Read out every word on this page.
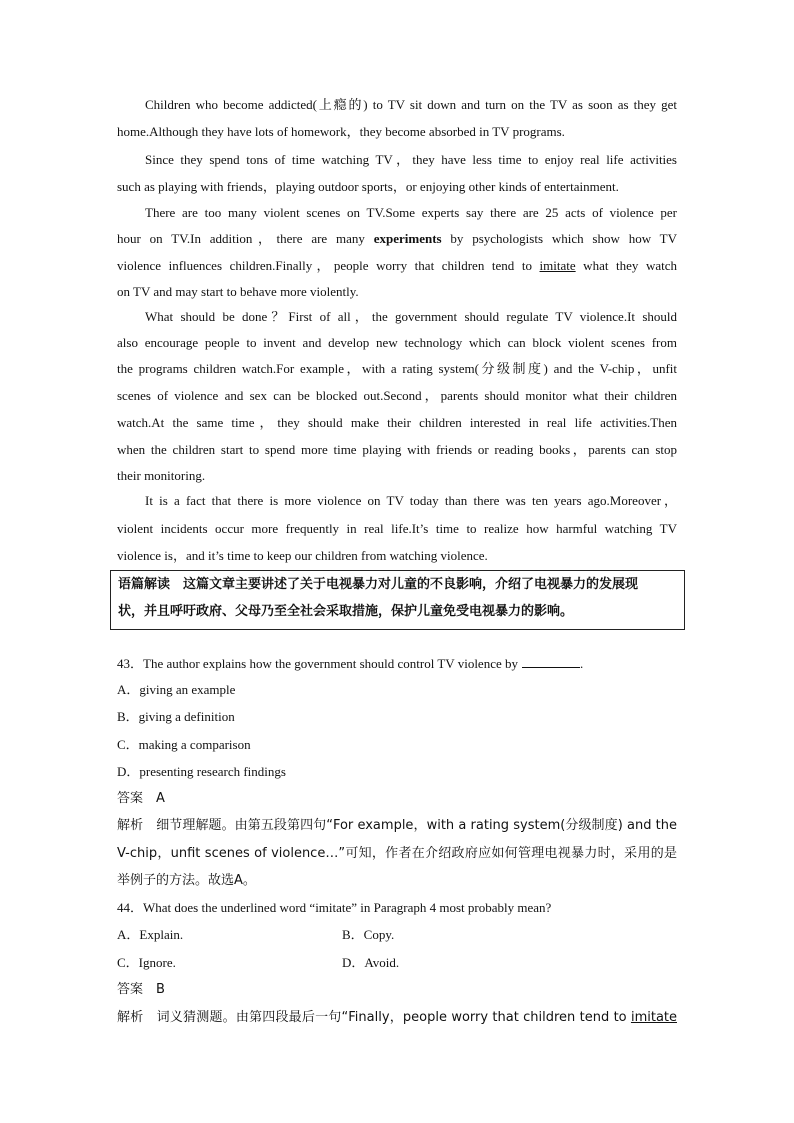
Children who become addicted(上瘾的) to TV sit down and turn on the TV as soon as they get
home.Although they have lots of homework，they become absorbed in TV programs.
Since they spend tons of time watching TV，they have less time to enjoy real life activities
such as playing with friends，playing outdoor sports，or enjoying other kinds of entertainment.
There are too many violent scenes on TV.Some experts say there are 25 acts of violence per
hour on TV.In addition，there are many experiments by psychologists which show how TV
violence influences children.Finally，people worry that children tend to imitate what they watch
on TV and may start to behave more violently.
What should be done？First of all，the government should regulate TV violence.It should
also encourage people to invent and develop new technology which can block violent scenes from
the programs children watch.For example，with a rating system(分级制度) and the V-chip，unfit
scenes of violence and sex can be blocked out.Second，parents should monitor what their children
watch.At the same time，they should make their children interested in real life activities.Then
when the children start to spend more time playing with friends or reading books，parents can stop
their monitoring.
It is a fact that there is more violence on TV today than there was ten years ago.Moreover，
violent incidents occur more frequently in real life.It’s time to realize how harmful watching TV
violence is，and it’s time to keep our children from watching violence.
语篇解读　这篇文章主要讲述了关于电视暴力对儿童的不良影响，介绍了电视暴力的发展现
状，并且呼吁政府、父母乃至全社会采取措施，保护儿童免受电视暴力的影响。
43．The author explains how the government should control TV violence by	.
A．giving an example
B．giving a definition
C．making a comparison
D．presenting research findings
答案　A
解析　细节理解题。由第五段第四句“For example，with a rating system(分级制度) and the
V-chip，unfit scenes of violence…”可知，作者在介绍政府应如何管理电视暴力时，采用的是
举例子的方法。故选A。
44．What does the underlined word “imitate” in Paragraph 4 most probably mean?
A．Explain.	B．Copy.
C．Ignore.	D．Avoid.
答案　B
解析　词义猜测题。由第四段最后一句“Finally，people worry that children tend to imitate
